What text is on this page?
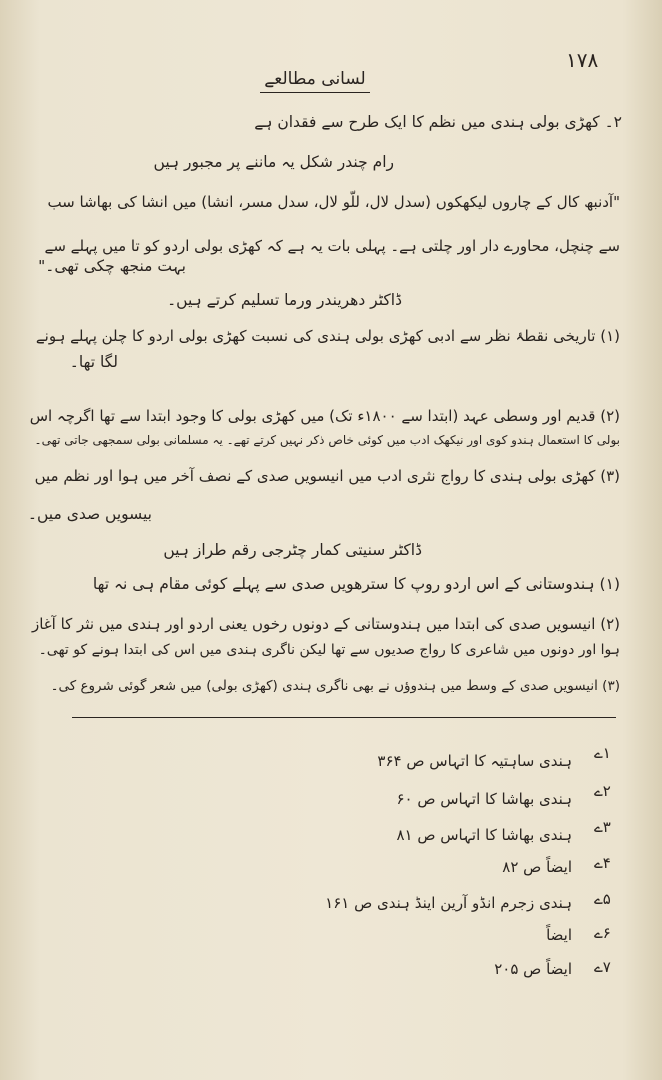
۱۷۸
لسانی مطالعے
۲۔ کھڑی بولی ہندی میں نظم کا ایک طرح سے فقدان ہے
رام چندر شکل یہ ماننے پر مجبور ہیں
"آدنبھ کال کے چاروں لیکھکوں (سدل لال، للّو لال، سدل مسر، انشا) میں انشا کی بھاشا سب
سے چنچل، محاورے دار اور چلتی ہے۔ پہلی بات یہ ہے کہ کھڑی بولی اردو کو تا میں پہلے سے
بہت منجھ چکی تھی۔"
ڈاکٹر دھریندر ورما تسلیم کرتے ہیں۔
(۱) تاریخی نقطۂ نظر سے ادبی کھڑی بولی ہندی کی نسبت کھڑی بولی اردو کا چلن پہلے ہونے
لگا تھا۔
(۲) قدیم اور وسطی عہد (ابتدا سے ۱۸۰۰ء تک) میں کھڑی بولی کا وجود ابتدا سے تھا اگرچہ اس
بولی کا استعمال ہندو کوی اور نیکھک ادب میں کوئی خاص ذکر نہیں کرتے تھے۔ یہ مسلمانی بولی سمجھی جاتی تھی۔
(۳) کھڑی بولی ہندی کا رواج نثری ادب میں انیسویں صدی کے نصف آخر میں ہوا اور نظم میں
بیسویں صدی میں۔
ڈاکٹر سنیتی کمار چٹرجی رقم طراز ہیں
(۱) ہندوستانی کے اس اردو روپ کا سترھویں صدی سے پہلے کوئی مقام ہی نہ تھا
(۲) انیسویں صدی کی ابتدا میں ہندوستانی کے دونوں رخوں یعنی اردو اور ہندی میں نثر کا آغاز
ہوا اور دونوں میں شاعری کا رواج صدیوں سے تھا لیکن ناگری ہندی میں اس کی ابتدا ہونے کو تھی۔
(۳) انیسویں صدی کے وسط میں ہندوؤں نے بھی ناگری ہندی (کھڑی بولی) میں شعر گوئی شروع کی۔
۱ے
ہندی ساہتیہ کا اتہاس ص ۳۶۴
۲ے
ہندی بھاشا کا اتہاس ص ۶۰
۳ے
ہندی بھاشا کا اتہاس ص ۸۱
۴ے
ایضاً ص ۸۲
۵ے
ہندی زجرم انڈو آرین اینڈ ہندی ص ۱۶۱
۶ے
ایضاً
۷ے
ایضاً ص ۲۰۵
